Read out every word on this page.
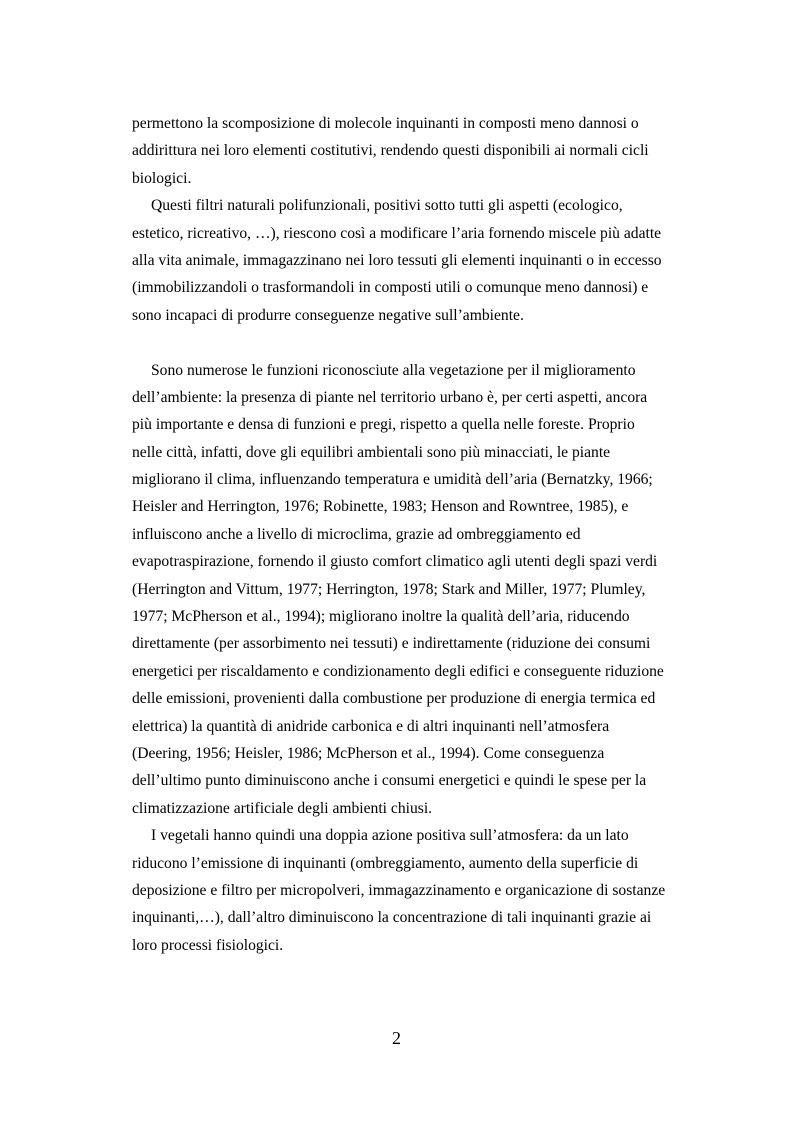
permettono la scomposizione di molecole inquinanti in composti meno dannosi o
addirittura nei loro elementi costitutivi, rendendo questi disponibili ai normali cicli
biologici.
Questi filtri naturali polifunzionali, positivi sotto tutti gli aspetti (ecologico,
estetico, ricreativo, …), riescono così a modificare l’aria fornendo miscele più adatte
alla vita animale, immagazzinano nei loro tessuti gli elementi inquinanti o in eccesso
(immobilizzandoli o trasformandoli in composti utili o comunque meno dannosi) e
sono incapaci di produrre conseguenze negative sull’ambiente.
Sono numerose le funzioni riconosciute alla vegetazione per il miglioramento
dell’ambiente: la presenza di piante nel territorio urbano è, per certi aspetti, ancora
più importante e densa di funzioni e pregi, rispetto a quella nelle foreste. Proprio
nelle città, infatti, dove gli equilibri ambientali sono più minacciati, le piante
migliorano il clima, influenzando temperatura e umidità dell’aria (Bernatzky, 1966;
Heisler and Herrington, 1976; Robinette, 1983; Henson and Rowntree, 1985), e
influiscono anche a livello di microclima, grazie ad ombreggiamento ed
evapotraspirazione, fornendo il giusto comfort climatico agli utenti degli spazi verdi
(Herrington and Vittum, 1977; Herrington, 1978; Stark and Miller, 1977; Plumley,
1977; McPherson et al., 1994); migliorano inoltre la qualità dell’aria, riducendo
direttamente (per assorbimento nei tessuti) e indirettamente (riduzione dei consumi
energetici per riscaldamento e condizionamento degli edifici e conseguente riduzione
delle emissioni, provenienti dalla combustione per produzione di energia termica ed
elettrica) la quantità di anidride carbonica e di altri inquinanti nell’atmosfera
(Deering, 1956; Heisler, 1986; McPherson et al., 1994). Come conseguenza
dell’ultimo punto diminuiscono anche i consumi energetici e quindi le spese per la
climatizzazione artificiale degli ambienti chiusi.
I vegetali hanno quindi una doppia azione positiva sull’atmosfera: da un lato
riducono l’emissione di inquinanti (ombreggiamento, aumento della superficie di
deposizione e filtro per micropolveri, immagazzinamento e organicazione di sostanze
inquinanti,…), dall’altro diminuiscono la concentrazione di tali inquinanti grazie ai
loro processi fisiologici.
2
